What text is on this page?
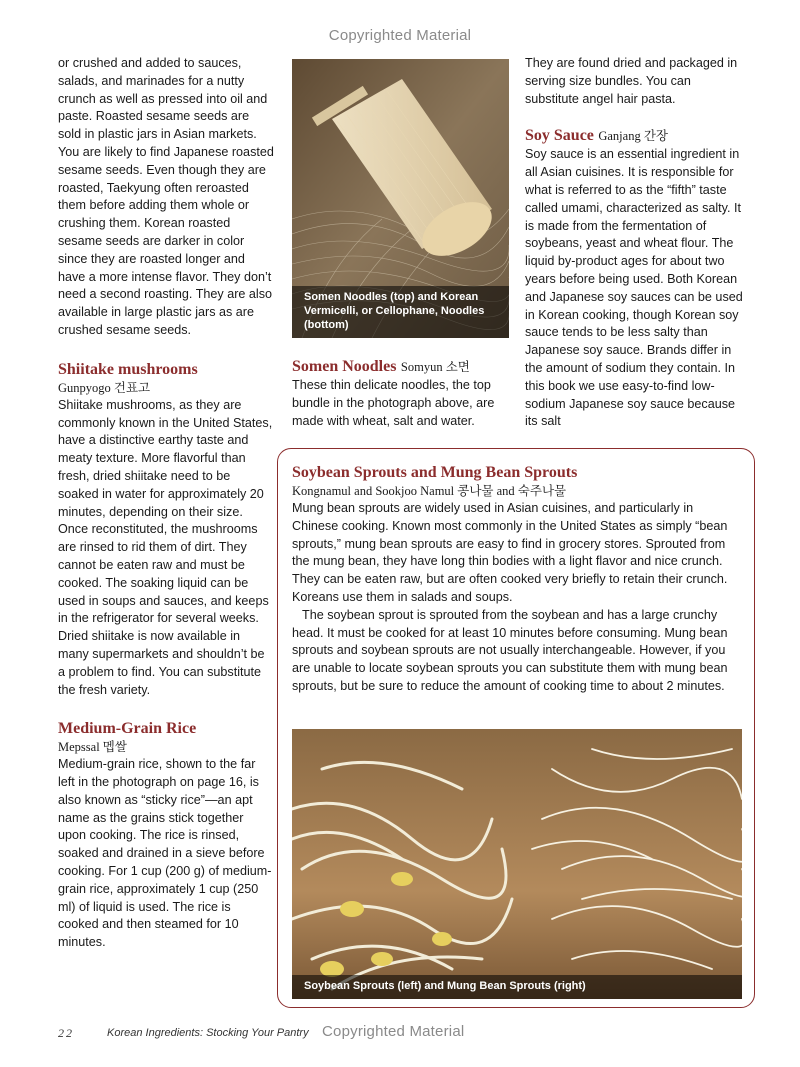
Copyrighted Material

or crushed and added to sauces, salads, and marinades for a nutty crunch as well as pressed into oil and paste. Roasted sesame seeds are sold in plastic jars in Asian markets. You are likely to find Japanese roasted sesame seeds. Even though they are roasted, Taekyung often reroasted them before adding them whole or crushing them. Korean roasted sesame seeds are darker in color since they are roasted longer and have a more intense flavor. They don’t need a second roasting. They are also available in large plastic jars as are crushed sesame seeds.

Shiitake mushrooms

Gunpyogo 건표고

Shiitake mushrooms, as they are commonly known in the United States, have a distinctive earthy taste and meaty texture. More flavorful than fresh, dried shiitake need to be soaked in water for approximately 20 minutes, depending on their size. Once reconstituted, the mushrooms are rinsed to rid them of dirt. They cannot be eaten raw and must be cooked. The soaking liquid can be used in soups and sauces, and keeps in the refrigerator for several weeks. Dried shiitake is now available in many supermarkets and shouldn’t be a problem to find. You can substitute the fresh variety.

Medium-Grain Rice

Mepssal 멥쌀

Medium-grain rice, shown to the far left in the photograph on page 16, is also known as “sticky rice”—an apt name as the grains stick together upon cooking. The rice is rinsed, soaked and drained in a sieve before cooking. For 1 cup (200 g) of medium-grain rice, approximately 1 cup (250 ml) of liquid is used. The rice is cooked and then steamed for 10 minutes.

Somen Noodles (top) and Korean Vermicelli, or Cellophane, Noodles (bottom)
Somen Noodles Somyun 소면

These thin delicate noodles, the top bundle in the photograph above, are made with wheat, salt and water.

They are found dried and packaged in serving size bundles. You can substitute angel hair pasta.

Soy Sauce Ganjang 간장

Soy sauce is an essential ingredient in all Asian cuisines. It is responsible for what is referred to as the “fifth” taste called umami, characterized as salty. It is made from the fermentation of soybeans, yeast and wheat flour. The liquid by-product ages for about two years before being used. Both Korean and Japanese soy sauces can be used in Korean cooking, though Korean soy sauce tends to be less salty than Japanese soy sauce. Brands differ in the amount of sodium they contain. In this book we use easy-to-find low-sodium Japanese soy sauce because its salt

Soybean Sprouts and Mung Bean Sprouts

Kongnamul and Sookjoo Namul 콩나물 and 숙주나물

Mung bean sprouts are widely used in Asian cuisines, and particularly in Chinese cooking. Known most commonly in the United States as simply “bean sprouts,” mung bean sprouts are easy to find in grocery stores. Sprouted from the mung bean, they have long thin bodies with a light flavor and nice crunch. They can be eaten raw, but are often cooked very briefly to retain their crunch. Koreans use them in salads and soups.

The soybean sprout is sprouted from the soybean and has a large crunchy head. It must be cooked for at least 10 minutes before consuming. Mung bean sprouts and soybean sprouts are not usually interchangeable. However, if you are unable to locate soybean sprouts you can substitute them with mung bean sprouts, but be sure to reduce the amount of cooking time to about 2 minutes.

Soybean Sprouts (left) and Mung Bean Sprouts (right)
22	Korean Ingredients: Stocking Your Pantry Copyrighted Material
